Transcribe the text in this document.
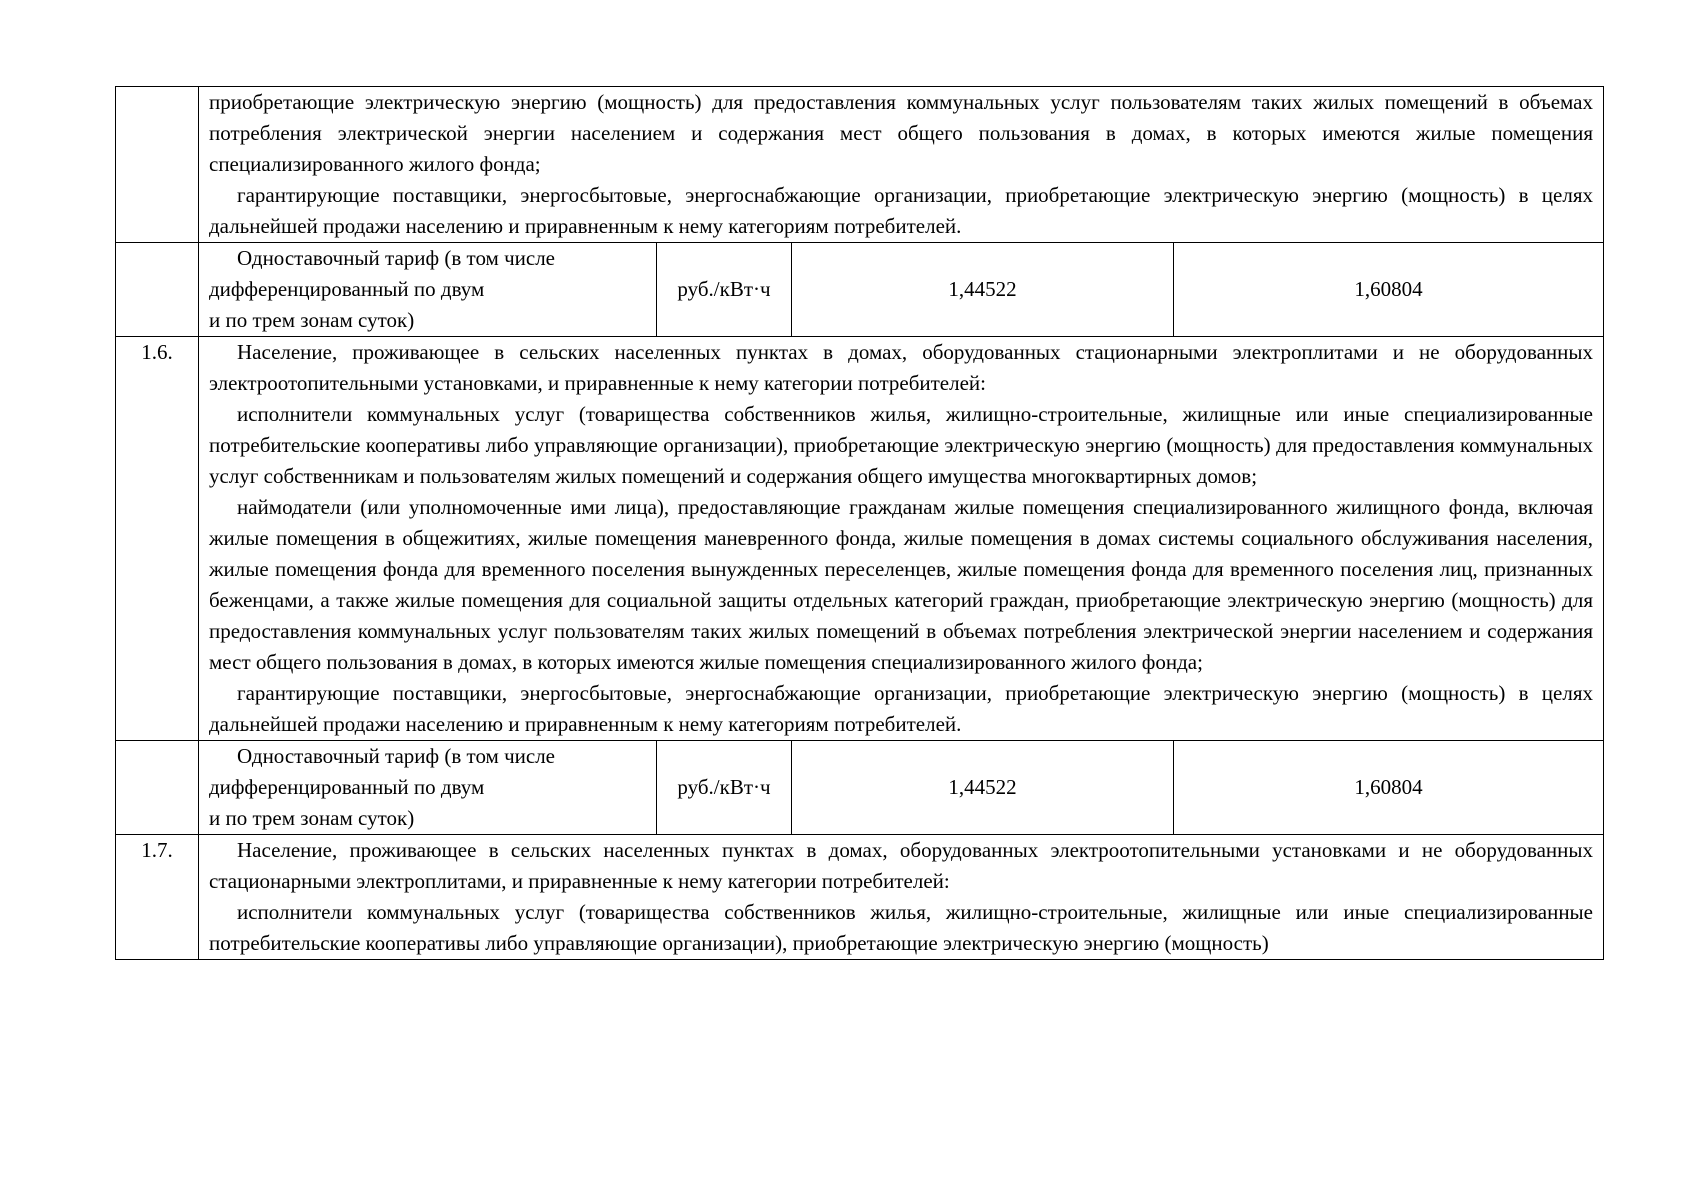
	приобретающие электрическую энергию (мощность) для предоставления коммунальных услуг пользователям таких жилых помещений в объемах потребления электрической энергии населением и содержания мест общего пользования в домах, в которых имеются жилые помещения специализированного жилого фонда;

гарантирующие поставщики, энергосбытовые, энергоснабжающие организации, приобретающие электрическую энергию (мощность) в целях дальнейшей продажи населению и приравненным к нему категориям потребителей.			

	Одноставочный тариф (в том числе
дифференцированный по двум
и по трем зонам суток)	руб./кВт·ч	1,44522	1,60804
1.6.	Население, проживающее в сельских населенных пунктах в домах, оборудованных стационарными электроплитами и не оборудованных электроотопительными установками, и приравненные к нему категории потребителей:

исполнители коммунальных услуг (товарищества собственников жилья, жилищно-строительные, жилищные или иные специализированные потребительские кооперативы либо управляющие организации), приобретающие электрическую энергию (мощность) для предоставления коммунальных услуг собственникам и пользователям жилых помещений и содержания общего имущества многоквартирных домов;

наймодатели (или уполномоченные ими лица), предоставляющие гражданам жилые помещения специализированного жилищного фонда, включая жилые помещения в общежитиях, жилые помещения маневренного фонда, жилые помещения в домах системы социального обслуживания населения, жилые помещения фонда для временного поселения вынужденных переселенцев, жилые помещения фонда для временного поселения лиц, признанных беженцами, а также жилые помещения для социальной защиты отдельных категорий граждан, приобретающие электрическую энергию (мощность) для предоставления коммунальных услуг пользователям таких жилых помещений в объемах потребления электрической энергии населением и содержания мест общего пользования в домах, в которых имеются жилые помещения специализированного жилого фонда;

гарантирующие поставщики, энергосбытовые, энергоснабжающие организации, приобретающие электрическую энергию (мощность) в целях дальнейшей продажи населению и приравненным к нему категориям потребителей.			

	Одноставочный тариф (в том числе
дифференцированный по двум
и по трем зонам суток)	руб./кВт·ч	1,44522	1,60804
1.7.	Население, проживающее в сельских населенных пунктах в домах, оборудованных электроотопительными установками и не оборудованных стационарными электроплитами, и приравненные к нему категории потребителей:

исполнители коммунальных услуг (товарищества собственников жилья, жилищно-строительные, жилищные или иные специализированные потребительские кооперативы либо управляющие организации), приобретающие электрическую энергию (мощность)			
